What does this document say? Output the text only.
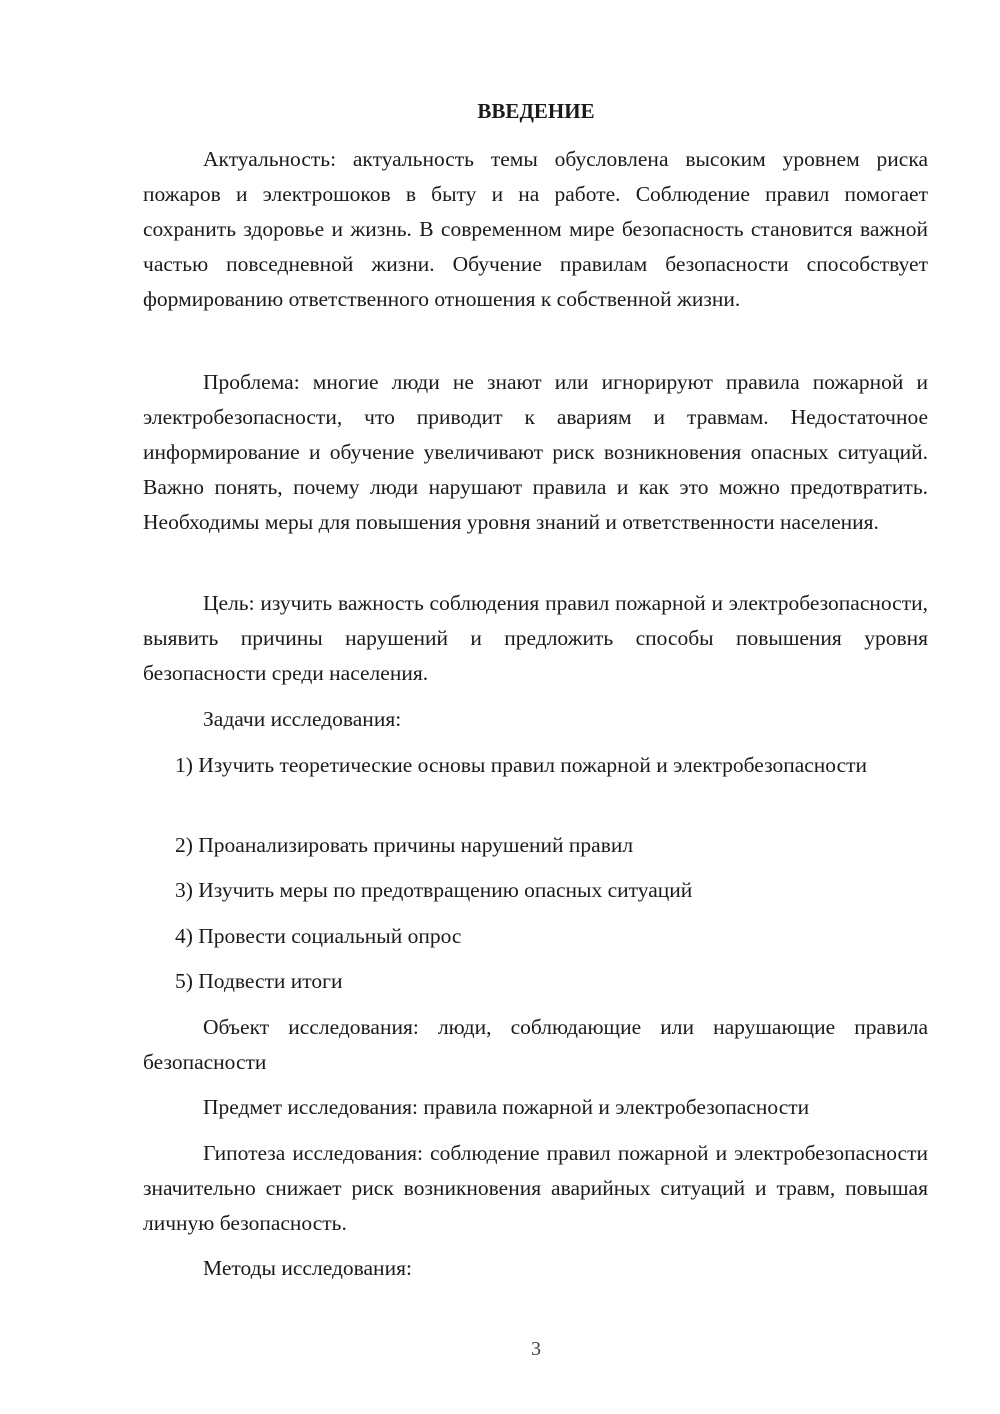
ВВЕДЕНИЕ

Актуальность: актуальность темы обусловлена высоким уровнем риска пожаров и электрошоков в быту и на работе. Соблюдение правил помогает сохранить здоровье и жизнь. В современном мире безопасность становится важной частью повседневной жизни. Обучение правилам безопасности способствует формированию ответственного отношения к собственной жизни.

Проблема: многие люди не знают или игнорируют правила пожарной и электробезопасности, что приводит к авариям и травмам. Недостаточное информирование и обучение увеличивают риск возникновения опасных ситуаций. Важно понять, почему люди нарушают правила и как это можно предотвратить. Необходимы меры для повышения уровня знаний и ответственности населения.

Цель: изучить важность соблюдения правил пожарной и электробезопасности, выявить причины нарушений и предложить способы повышения уровня безопасности среди населения.

Задачи исследования:

1) Изучить теоретические основы правил пожарной и электробезопасности

2) Проанализировать причины нарушений правил

3) Изучить меры по предотвращению опасных ситуаций

4) Провести социальный опрос

5) Подвести итоги

Объект исследования: люди, соблюдающие или нарушающие правила безопасности

Предмет исследования: правила пожарной и электробезопасности

Гипотеза исследования: соблюдение правил пожарной и электробезопасности значительно снижает риск возникновения аварийных ситуаций и травм, повышая личную безопасность.

Методы исследования:

3
